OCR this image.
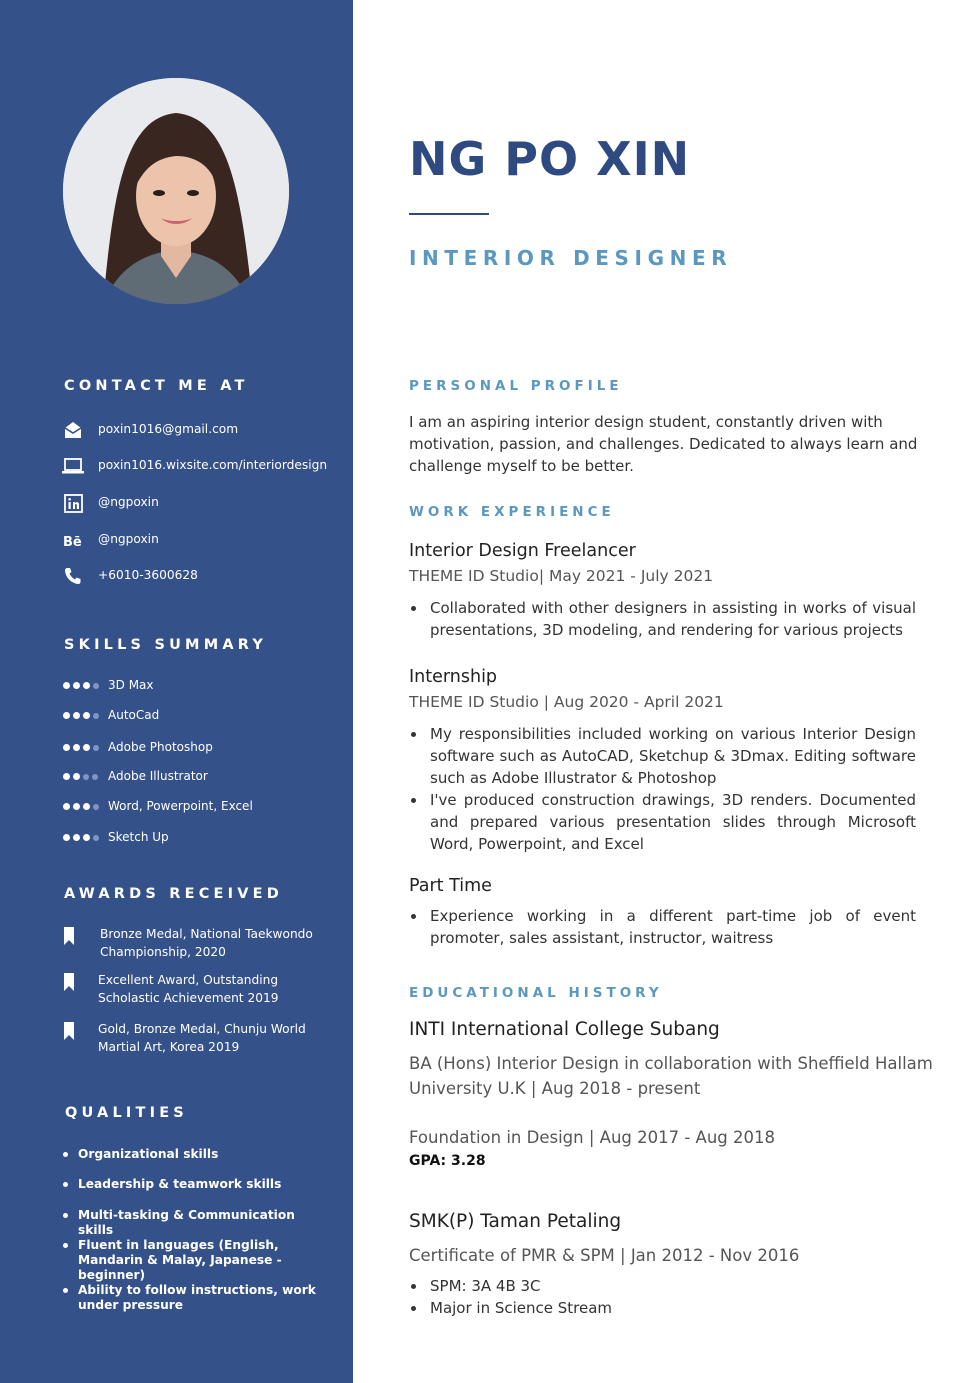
CONTACT ME AT
poxin1016@gmail.com
poxin1016.wixsite.com/interiordesign
@ngpoxin
Bē @ngpoxin
+6010-3600628
SKILLS SUMMARY
3D Max
AutoCad
Adobe Photoshop
Adobe Illustrator
Word, Powerpoint, Excel
Sketch Up
AWARDS RECEIVED
Bronze Medal, National Taekwondo Championship, 2020
Excellent Award, Outstanding Scholastic Achievement 2019
Gold, Bronze Medal, Chunju World Martial Art, Korea 2019
QUALITIES
Organizational skills
Leadership & teamwork skills
Multi-tasking & Communication skills
Fluent in languages (English, Mandarin & Malay, Japanese - beginner)
Ability to follow instructions, work under pressure
NG PO XIN
INTERIOR DESIGNER
PERSONAL PROFILE
I am an aspiring interior design student, constantly driven with motivation, passion, and challenges. Dedicated to always learn and challenge myself to be better.
WORK EXPERIENCE
Interior Design Freelancer
THEME ID Studio| May 2021 - July 2021
Collaborated with other designers in assisting in works of visual presentations, 3D modeling, and rendering for various projects
Internship
THEME ID Studio | Aug 2020 - April 2021
My responsibilities included working on various Interior Design software such as AutoCAD, Sketchup & 3Dmax. Editing software such as Adobe Illustrator & Photoshop
I've produced construction drawings, 3D renders. Documented and prepared various presentation slides through Microsoft Word, Powerpoint, and Excel
Part Time
Experience working in a different part-time job of event promoter, sales assistant, instructor, waitress
EDUCATIONAL HISTORY
INTI International College Subang
BA (Hons) Interior Design in collaboration with Sheffield Hallam University U.K | Aug 2018 - present
Foundation in Design | Aug 2017 - Aug 2018
GPA: 3.28
SMK(P) Taman Petaling
Certificate of PMR & SPM | Jan 2012 - Nov 2016
SPM: 3A 4B 3C
Major in Science Stream
